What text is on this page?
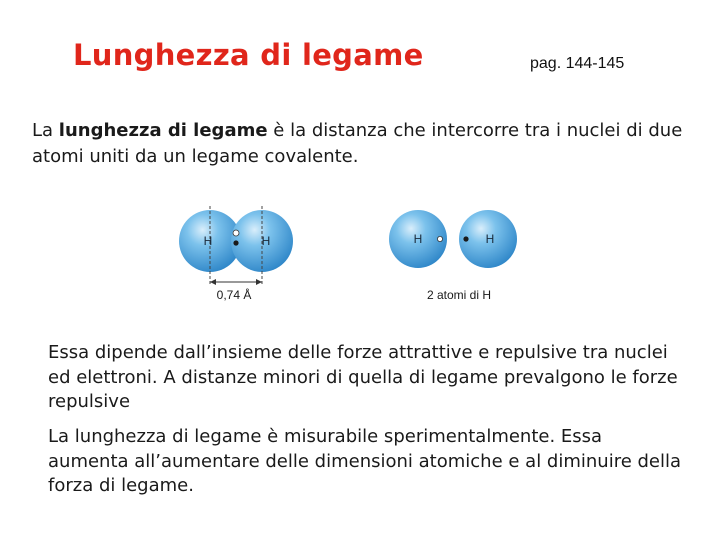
Lunghezza di legame	pag. 144-145

La lunghezza di legame è la distanza che intercorre tra i nuclei di due atomi uniti da un legame covalente.

H	H
0,74 Å
H	H
2 atomi di H

Essa dipende dall’insieme delle forze attrattive e repulsive tra nuclei ed elettroni. A distanze minori di quella di legame prevalgono le forze repulsive

La lunghezza di legame è misurabile sperimentalmente. Essa aumenta all’aumentare delle dimensioni atomiche e al diminuire della forza di legame.
